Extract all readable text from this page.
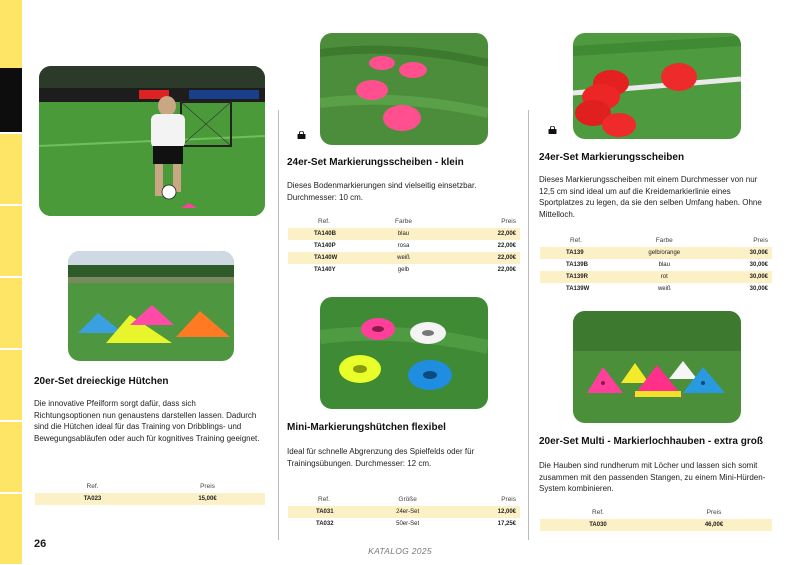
20er-Set dreieckige Hütchen
Die innovative Pfeilform sorgt dafür, dass sich Richtungsoptionen nun genaustens darstellen lassen. Dadurch sind die Hütchen ideal für das Training von Dribblings- und Bewegungsabläufen oder auch für kognitives Training geeignet.
Ref.	Preis
TA023	15,00€
24er-Set Markierungsscheiben - klein
Dieses Bodenmarkierungen sind vielseitig einsetzbar. Durchmesser: 10 cm.
Ref.	Farbe	Preis
TA140B	blau	22,00€
TA140P	rosa	22,00€
TA140W	weiß	22,00€
TA140Y	gelb	22,00€
Mini-Markierungshütchen flexibel
Ideal für schnelle Abgrenzung des Spielfelds oder für Trainingsübungen. Durchmesser: 12 cm.
Ref.	Größe	Preis
TA031	24er-Set	12,00€
TA032	50er-Set	17,25€
24er-Set Markierungsscheiben
Dieses Markierungsscheiben mit einem Durchmesser von nur 12,5 cm sind ideal um auf die Kreidemarkierlinie eines Sportplatzes zu legen, da sie den selben Umfang haben. Ohne Mittelloch.
Ref.	Farbe	Preis
TA139	gelb/orange	30,00€
TA139B	blau	30,00€
TA139R	rot	30,00€
TA139W	weiß	30,00€
20er-Set Multi - Markierlochhauben - extra groß
Die Hauben sind rundherum mit Löcher und lassen sich somit zusammen mit den passenden Stangen, zu einem Mini-Hürden-System kombinieren.
Ref.	Preis
TA030	46,00€
26
KATALOG 2025
